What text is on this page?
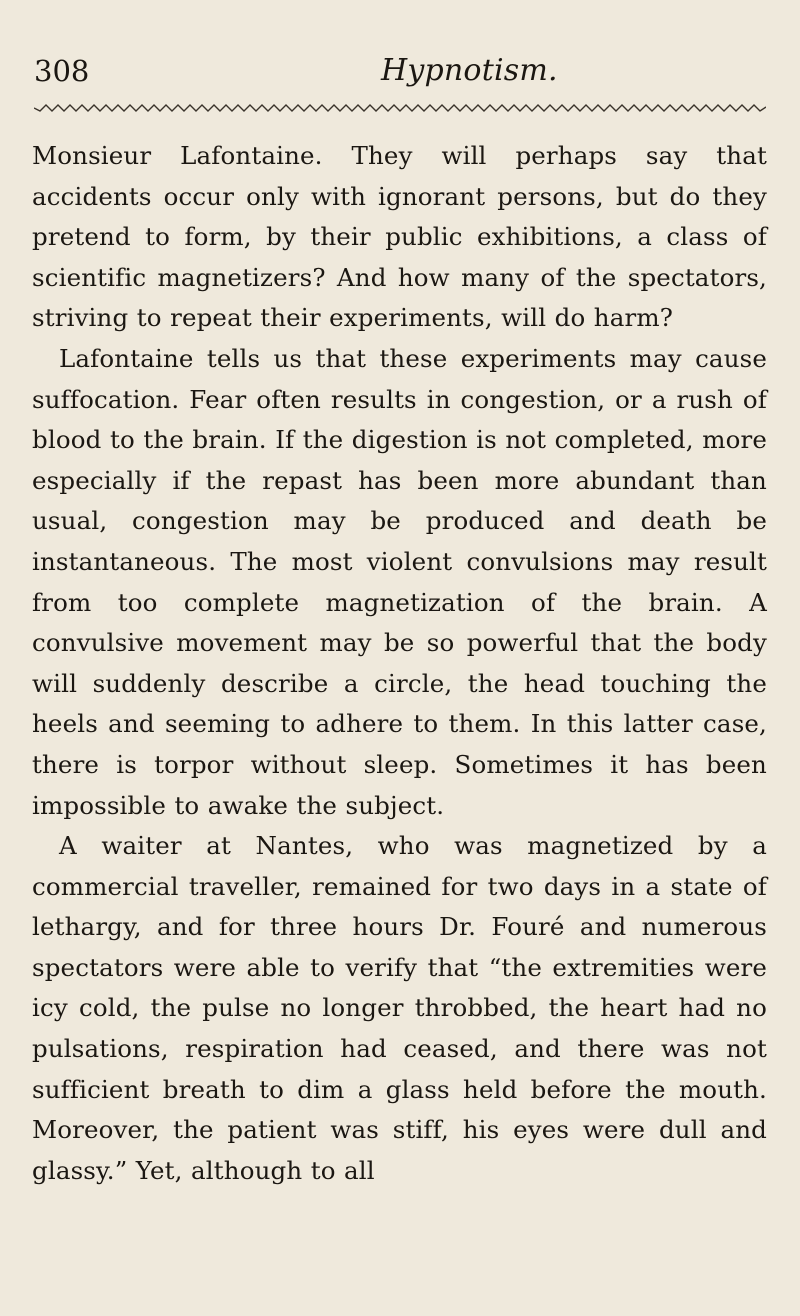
308	Hypnotism.

Monsieur Lafontaine. They will perhaps say that accidents occur only with ignorant persons, but do they pretend to form, by their public exhibitions, a class of scientific magnetizers? And how many of the spectators, striving to repeat their experiments, will do harm?

Lafontaine tells us that these experiments may cause suffocation. Fear often results in congestion, or a rush of blood to the brain. If the digestion is not completed, more especially if the repast has been more abundant than usual, congestion may be produced and death be instantaneous. The most violent convulsions may result from too complete magnetization of the brain. A convulsive movement may be so powerful that the body will suddenly describe a circle, the head touching the heels and seeming to adhere to them. In this latter case, there is torpor without sleep. Sometimes it has been impossible to awake the subject.

A waiter at Nantes, who was magnetized by a commercial traveller, remained for two days in a state of lethargy, and for three hours Dr. Fouré and numerous spectators were able to verify that “the extremities were icy cold, the pulse no longer throbbed, the heart had no pulsations, respiration had ceased, and there was not sufficient breath to dim a glass held before the mouth. Moreover, the patient was stiff, his eyes were dull and glassy.” Yet, although to all
